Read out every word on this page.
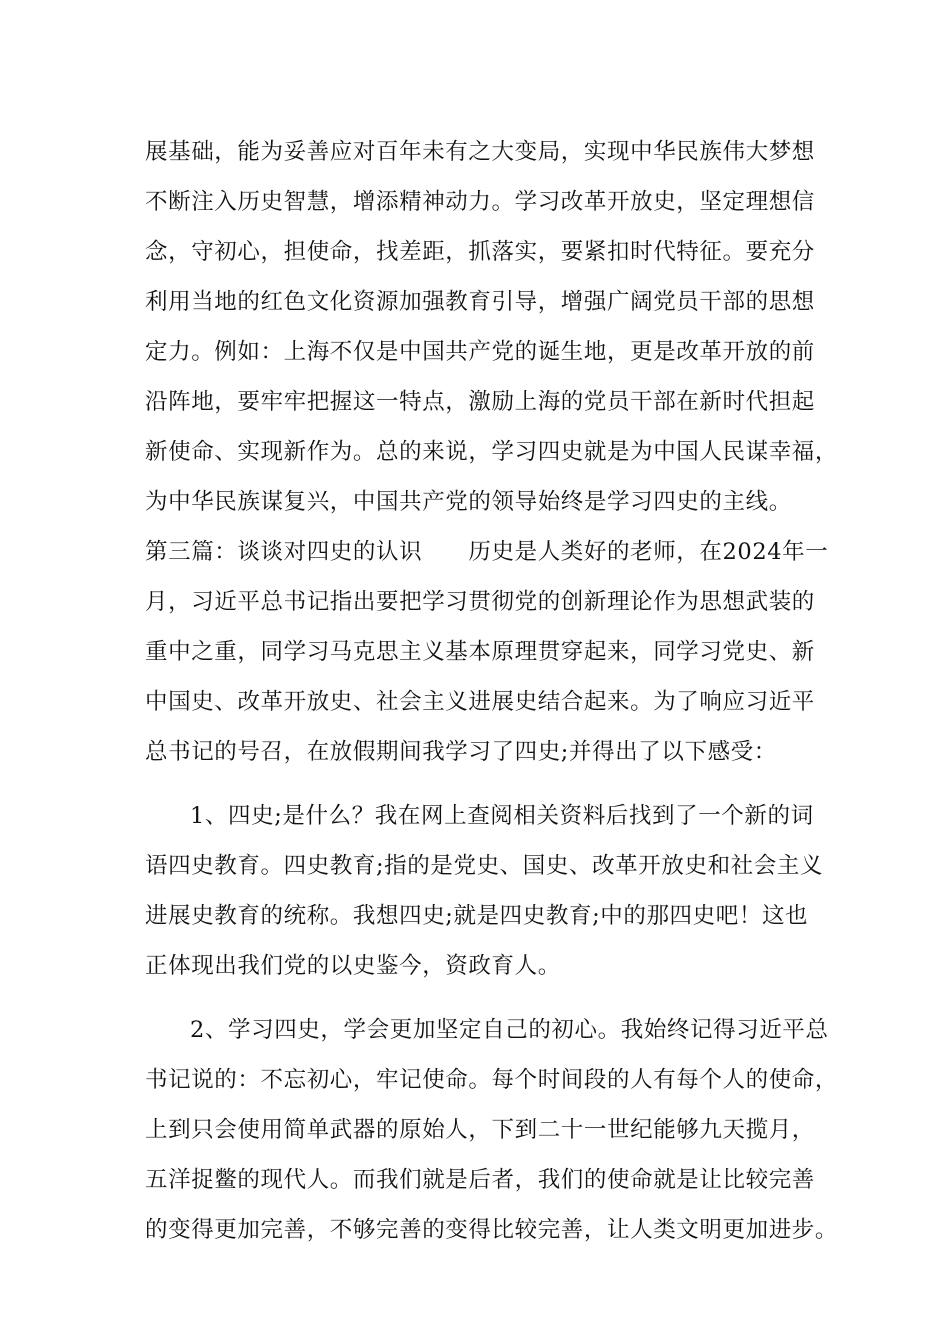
展基础，能为妥善应对百年未有之大变局，实现中华民族伟大梦想
不断注入历史智慧，增添精神动力。学习改革开放史，坚定理想信
念，守初心，担使命，找差距，抓落实，要紧扣时代特征。要充分
利用当地的红色文化资源加强教育引导，增强广阔党员干部的思想
定力。例如：上海不仅是中国共产党的诞生地，更是改革开放的前
沿阵地，要牢牢把握这一特点，激励上海的党员干部在新时代担起
新使命、实现新作为。总的来说，学习四史就是为中国人民谋幸福，
为中华民族谋复兴，中国共产党的领导始终是学习四史的主线。
第三篇：谈谈对四史的认识　　历史是人类好的老师，在2024年一
月，习近平总书记指出要把学习贯彻党的创新理论作为思想武装的
重中之重，同学习马克思主义基本原理贯穿起来，同学习党史、新
中国史、改革开放史、社会主义进展史结合起来。为了响应习近平
总书记的号召，在放假期间我学习了四史;并得出了以下感受：
1、四史;是什么？我在网上查阅相关资料后找到了一个新的词
语四史教育。四史教育;指的是党史、国史、改革开放史和社会主义
进展史教育的统称。我想四史;就是四史教育;中的那四史吧！这也
正体现出我们党的以史鉴今，资政育人。
2、学习四史，学会更加坚定自己的初心。我始终记得习近平总
书记说的：不忘初心，牢记使命。每个时间段的人有每个人的使命，
上到只会使用简单武器的原始人，下到二十一世纪能够九天揽月，
五洋捉鳖的现代人。而我们就是后者，我们的使命就是让比较完善
的变得更加完善，不够完善的变得比较完善，让人类文明更加进步。
